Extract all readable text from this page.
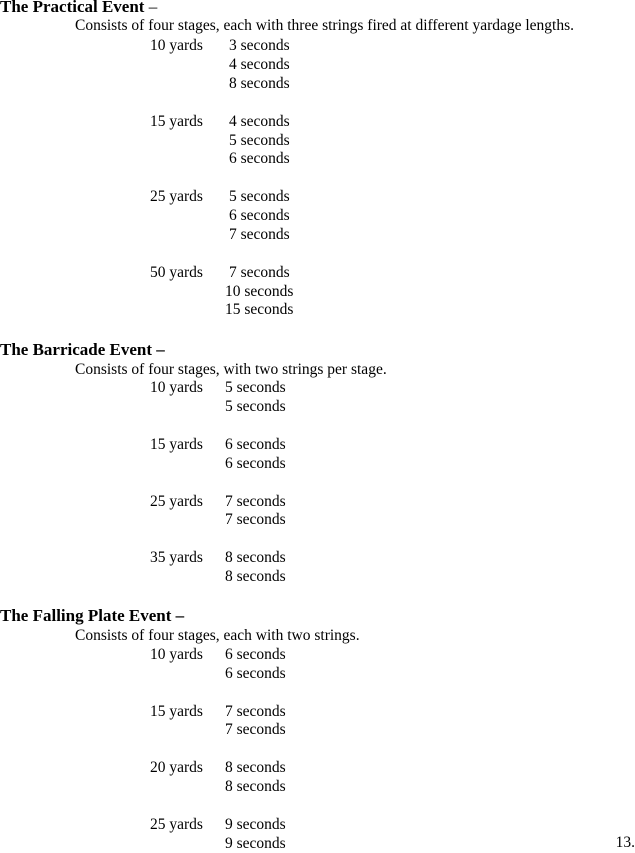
The Practical Event –
Consists of four stages, each with three strings fired at different yardage lengths.
10 yards 3 seconds
4 seconds
8 seconds
15 yards 4 seconds
5 seconds
6 seconds
25 yards 5 seconds
6 seconds
7 seconds
50 yards 7 seconds
10 seconds
15 seconds
The Barricade Event –
Consists of four stages, with two strings per stage.
10 yards 5 seconds
5 seconds
15 yards 6 seconds
6 seconds
25 yards 7 seconds
7 seconds
35 yards 8 seconds
8 seconds
The Falling Plate Event –
Consists of four stages, each with two strings.
10 yards 6 seconds
6 seconds
15 yards 7 seconds
7 seconds
20 yards 8 seconds
8 seconds
25 yards 9 seconds
9 seconds	13.
